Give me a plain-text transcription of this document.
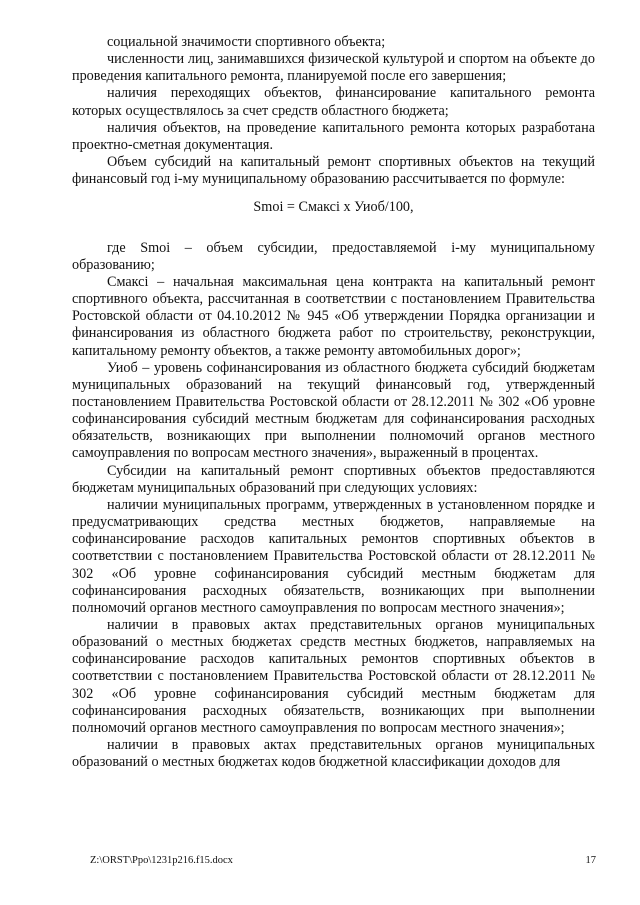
социальной значимости спортивного объекта;

численности лиц, занимавшихся физической культурой и спортом на объекте до проведения капитального ремонта, планируемой после его завершения;

наличия переходящих объектов, финансирование капитального ремонта которых осуществлялось за счет средств областного бюджета;

наличия объектов, на проведение капитального ремонта которых разработана проектно-сметная документация.

Объем субсидий на капитальный ремонт спортивных объектов на текущий финансовый год i-му муниципальному образованию рассчитывается по формуле:

Smoi = Смаксi х Уиоб/100,

где Smoi – объем субсидии, предоставляемой i-му муниципальному образованию;

Смаксi – начальная максимальная цена контракта на капитальный ремонт спортивного объекта, рассчитанная в соответствии с постановлением Правительства Ростовской области от 04.10.2012 № 945 «Об утверждении Порядка организации и финансирования из областного бюджета работ по строительству, реконструкции, капитальному ремонту объектов, а также ремонту автомобильных дорог»;

Уиоб – уровень софинансирования из областного бюджета субсидий бюджетам муниципальных образований на текущий финансовый год, утвержденный постановлением Правительства Ростовской области от 28.12.2011 № 302 «Об уровне софинансирования субсидий местным бюджетам для софинансирования расходных обязательств, возникающих при выполнении полномочий органов местного самоуправления по вопросам местного значения», выраженный в процентах.

Субсидии на капитальный ремонт спортивных объектов предоставляются бюджетам муниципальных образований при следующих условиях:

наличии муниципальных программ, утвержденных в установленном порядке и предусматривающих средства местных бюджетов, направляемые на софинансирование расходов капитальных ремонтов спортивных объектов в соответствии с постановлением Правительства Ростовской области от 28.12.2011 № 302 «Об уровне софинансирования субсидий местным бюджетам для софинансирования расходных обязательств, возникающих при выполнении полномочий органов местного самоуправления по вопросам местного значения»;

наличии в правовых актах представительных органов муниципальных образований о местных бюджетах средств местных бюджетов, направляемых на софинансирование расходов капитальных ремонтов спортивных объектов в соответствии с постановлением Правительства Ростовской области от 28.12.2011 № 302 «Об уровне софинансирования субсидий местным бюджетам для софинансирования расходных обязательств, возникающих при выполнении полномочий органов местного самоуправления по вопросам местного значения»;

наличии в правовых актах представительных органов муниципальных образований о местных бюджетах кодов бюджетной классификации доходов для

Z:\ORST\Ppo\1231p216.f15.docx	17
